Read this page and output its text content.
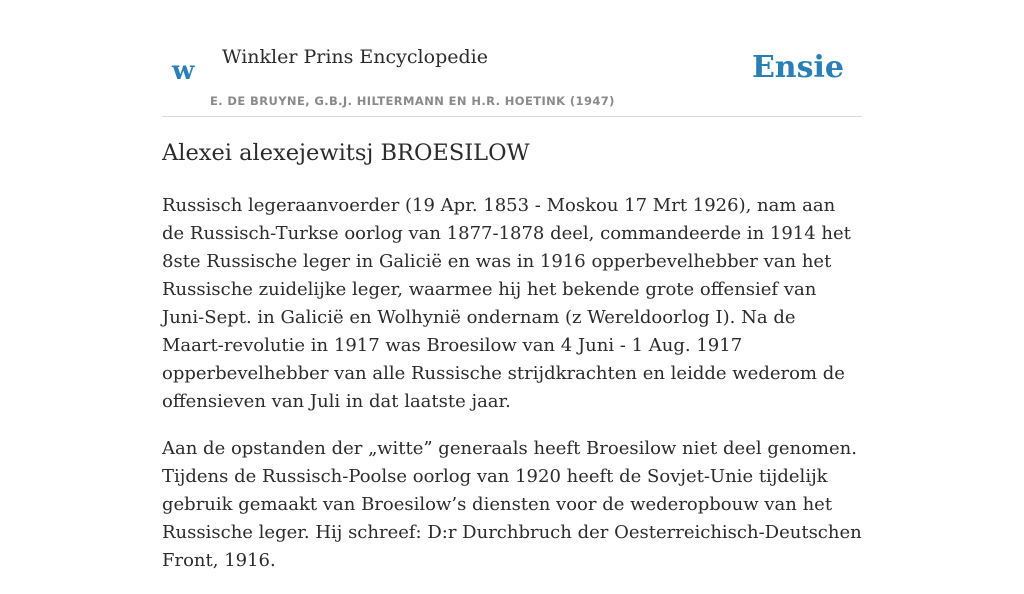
w Winkler Prins Encyclopedie
E. DE BRUYNE, G.B.J. HILTERMANN EN H.R. HOETINK (1947)
Ensie
Alexei alexejewitsj BROESILOW

Russisch legeraanvoerder (19 Apr. 1853 - Moskou 17 Mrt 1926), nam aan de Russisch-Turkse oorlog van 1877-1878 deel, commandeerde in 1914 het 8ste Russische leger in Galicië en was in 1916 opperbevelhebber van het Russische zuidelijke leger, waarmee hij het bekende grote offensief van Juni-Sept. in Galicië en Wolhynië ondernam (z Wereldoorlog I). Na de Maart-revolutie in 1917 was Broesilow van 4 Juni - 1 Aug. 1917 opperbevelhebber van alle Russische strijdkrachten en leidde wederom de offensieven van Juli in dat laatste jaar.

Aan de opstanden der „witte” generaals heeft Broesilow niet deel genomen. Tijdens de Russisch-Poolse oorlog van 1920 heeft de Sovjet-Unie tijdelijk gebruik gemaakt van Broesilow’s diensten voor de wederopbouw van het Russische leger. Hij schreef: D:r Durchbruch der Oesterreichisch-Deutschen Front, 1916.
